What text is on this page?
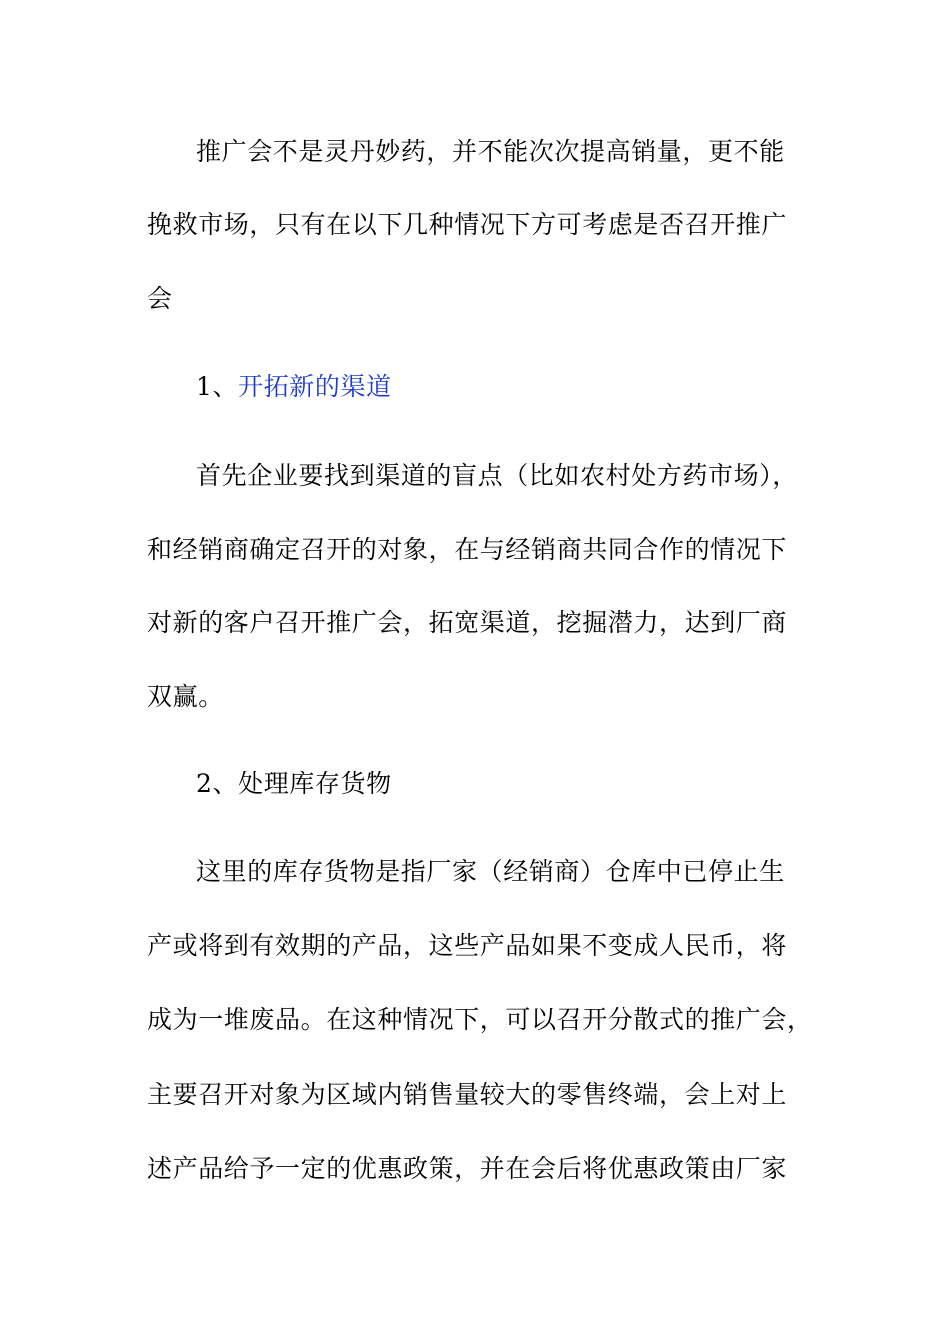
推广会不是灵丹妙药，并不能次次提高销量，更不能
挽救市场，只有在以下几种情况下方可考虑是否召开推广
会
1、开拓新的渠道
首先企业要找到渠道的盲点（比如农村处方药市场），
和经销商确定召开的对象，在与经销商共同合作的情况下
对新的客户召开推广会，拓宽渠道，挖掘潜力，达到厂商
双赢。
2、处理库存货物
这里的库存货物是指厂家（经销商）仓库中已停止生
产或将到有效期的产品，这些产品如果不变成人民币，将
成为一堆废品。在这种情况下，可以召开分散式的推广会，
主要召开对象为区域内销售量较大的零售终端，会上对上
述产品给予一定的优惠政策，并在会后将优惠政策由厂家
